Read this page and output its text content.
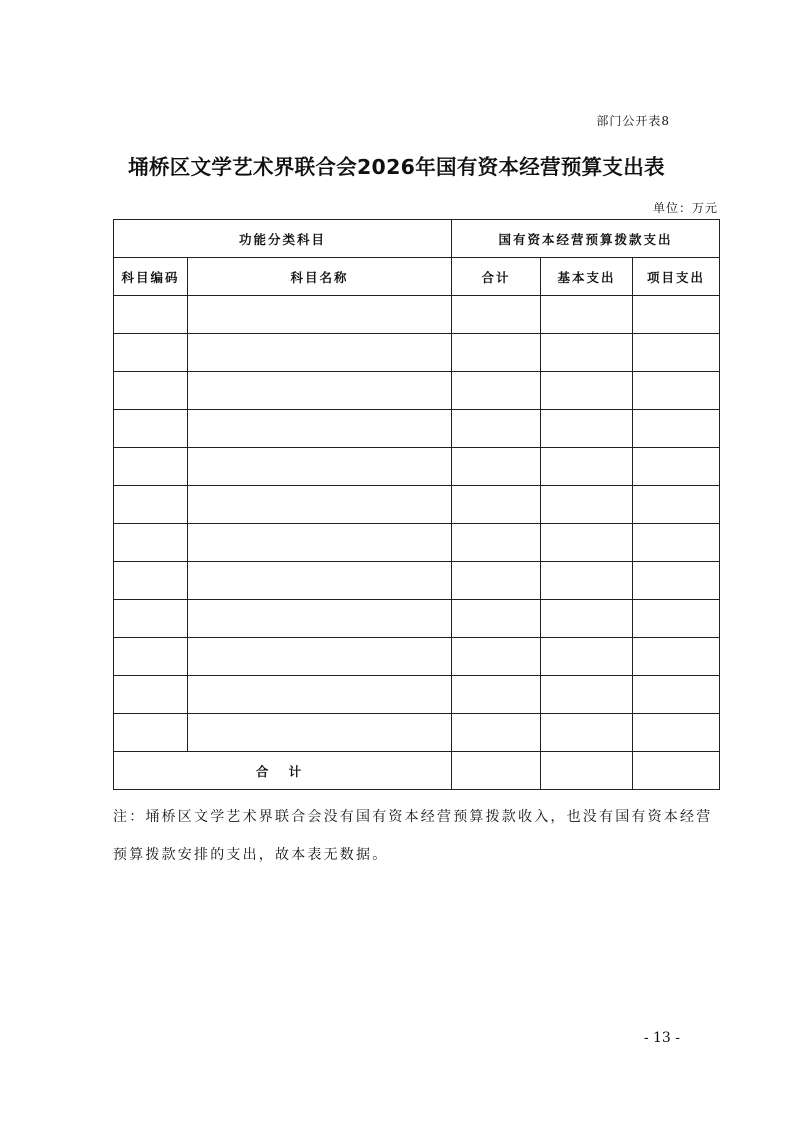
部门公开表8
埇桥区文学艺术界联合会2026年国有资本经营预算支出表
单位：万元
功能分类科目		国有资本经营预算拨款支出		
科目编码	科目名称	合计	基本支出	项目支出

合 计				
注：埇桥区文学艺术界联合会没有国有资本经营预算拨款收入，也没有国有资本经营预算拨款安排的支出，故本表无数据。
- 13 -
